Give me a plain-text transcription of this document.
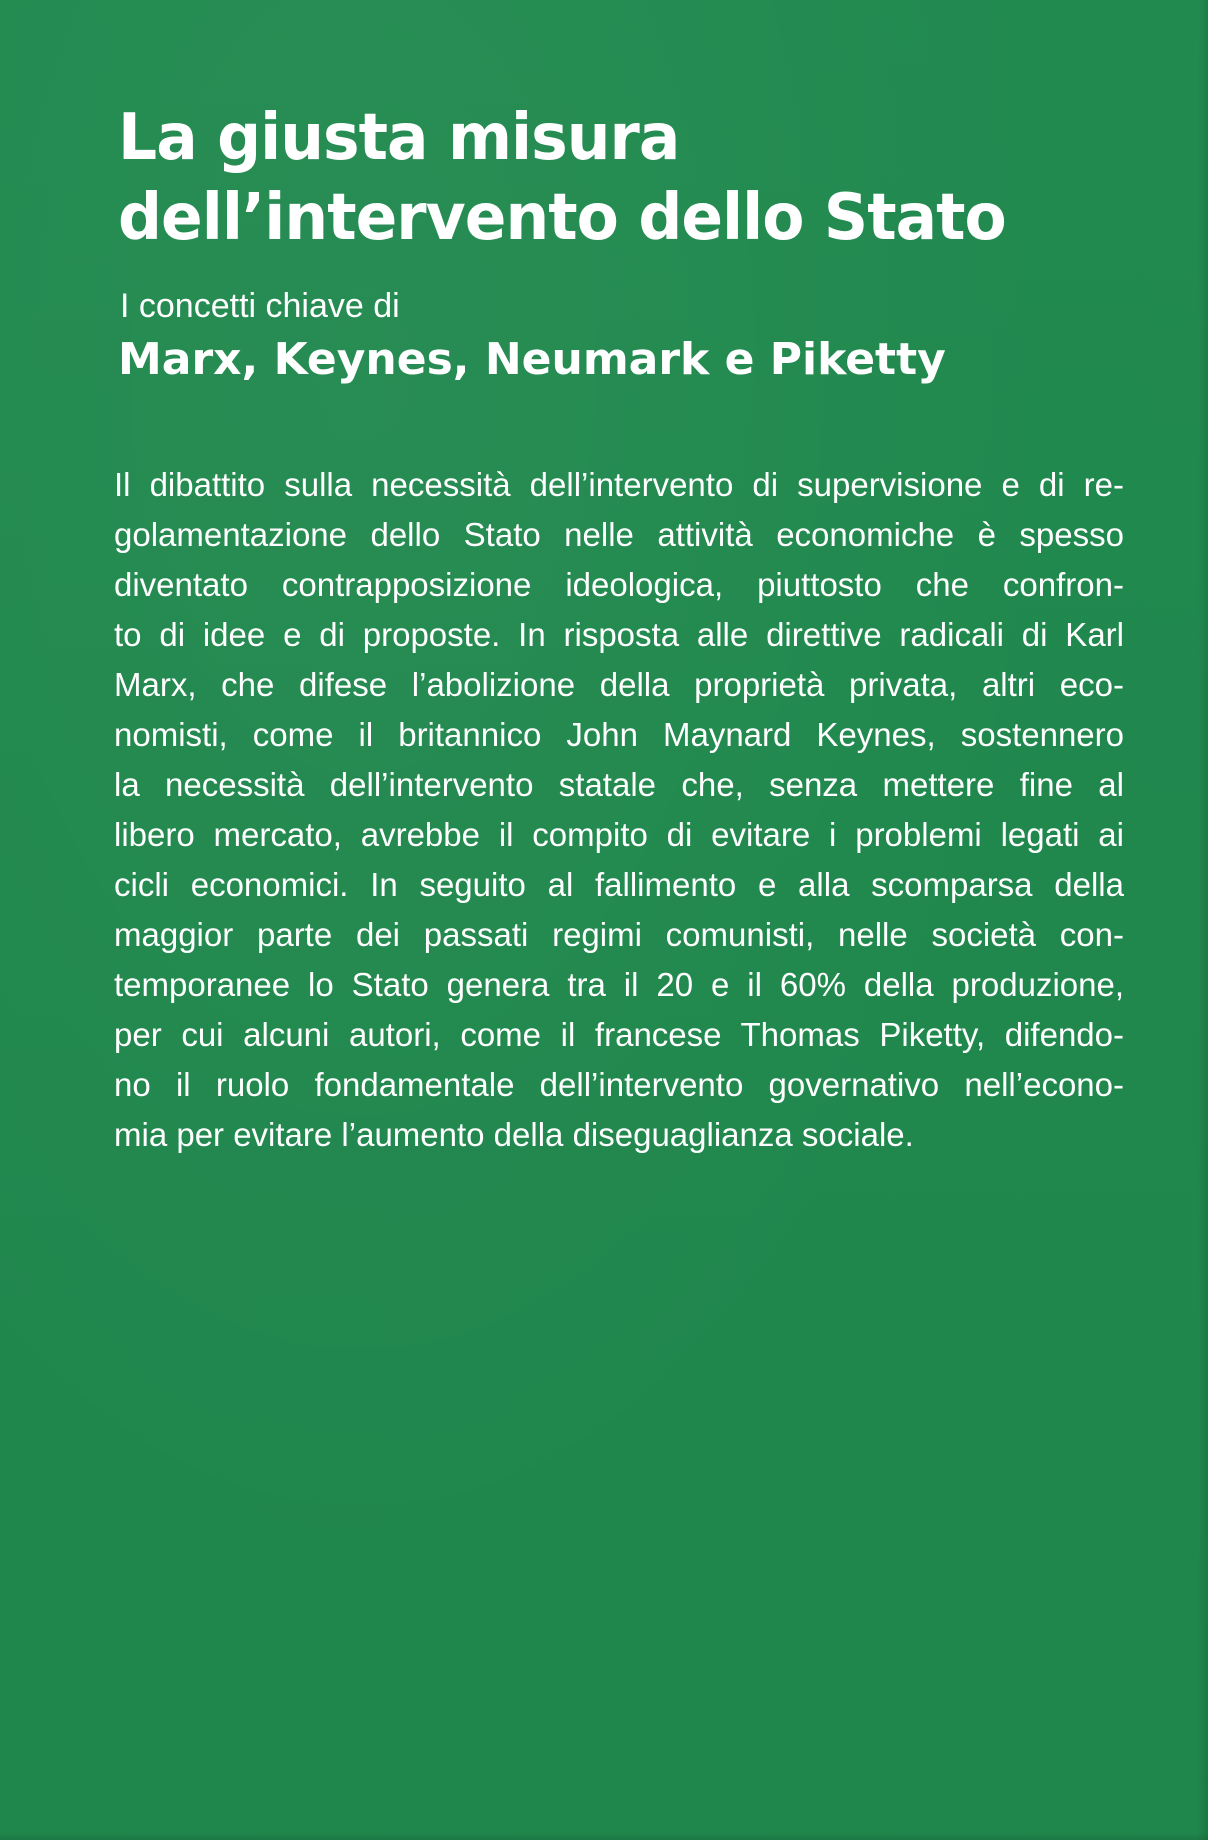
La giusta misura
dell’intervento dello Stato
I concetti chiave di
Marx, Keynes, Neumark e Piketty
Il dibattito sulla necessità dell’intervento di supervisione e di re-
golamentazione dello Stato nelle attività economiche è spesso
diventato contrapposizione ideologica, piuttosto che confron-
to di idee e di proposte. In risposta alle direttive radicali di Karl
Marx, che difese l’abolizione della proprietà privata, altri eco-
nomisti, come il britannico John Maynard Keynes, sostennero
la necessità dell’intervento statale che, senza mettere fine al
libero mercato, avrebbe il compito di evitare i problemi legati ai
cicli economici. In seguito al fallimento e alla scomparsa della
maggior parte dei passati regimi comunisti, nelle società con-
temporanee lo Stato genera tra il 20 e il 60% della produzione,
per cui alcuni autori, come il francese Thomas Piketty, difendo-
no il ruolo fondamentale dell’intervento governativo nell’econo-
mia per evitare l’aumento della diseguaglianza sociale.
